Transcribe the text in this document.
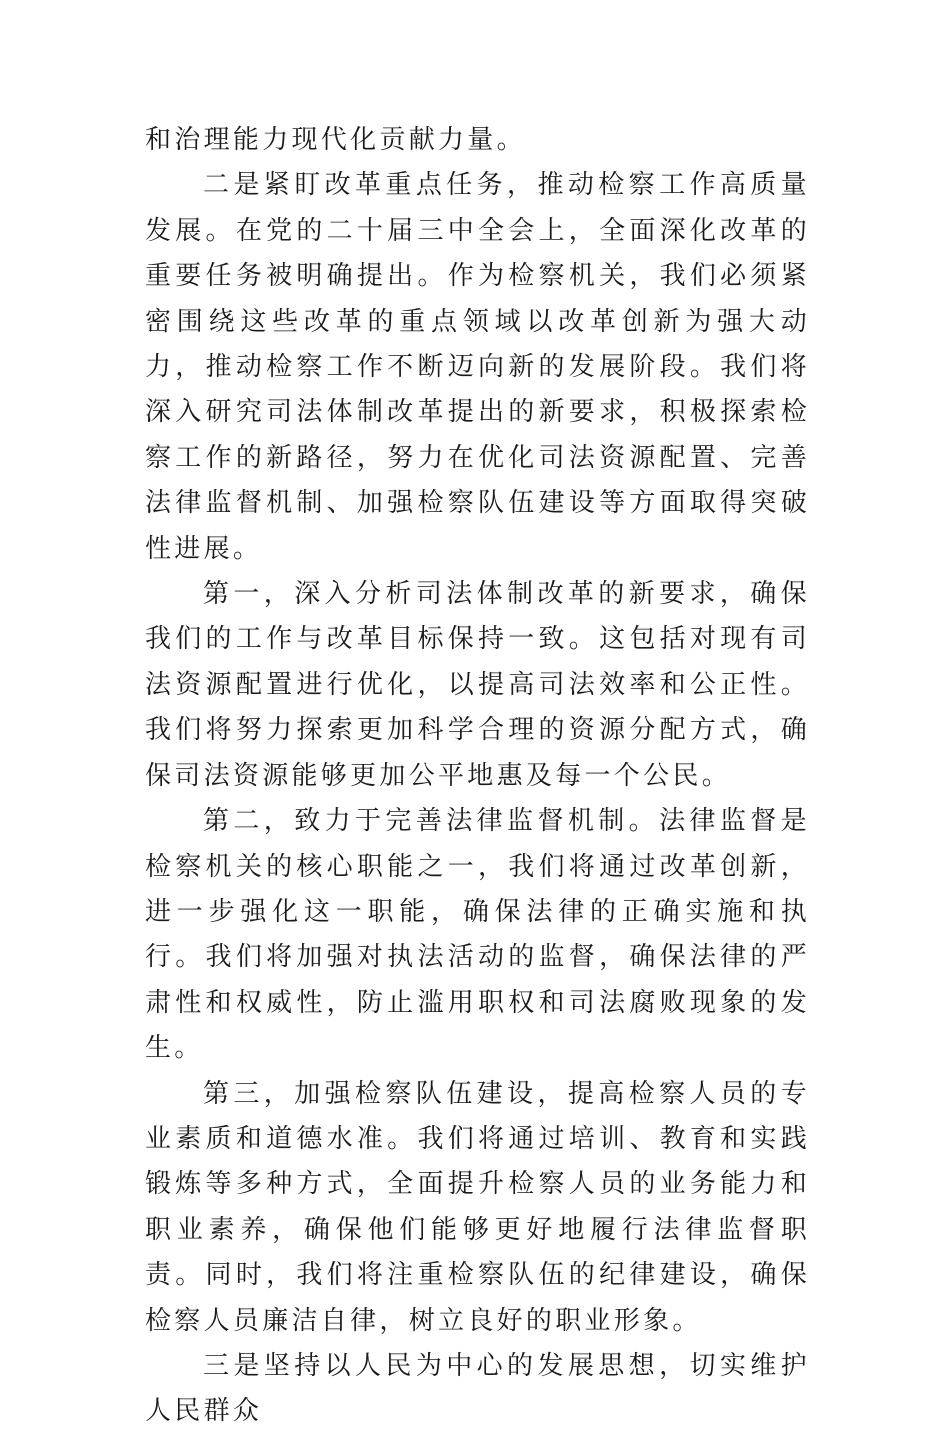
和治理能力现代化贡献力量。

二是紧盯改革重点任务，推动检察工作高质量发展。在党的二十届三中全会上，全面深化改革的重要任务被明确提出。作为检察机关，我们必须紧密围绕这些改革的重点领域以改革创新为强大动力，推动检察工作不断迈向新的发展阶段。我们将深入研究司法体制改革提出的新要求，积极探索检察工作的新路径，努力在优化司法资源配置、完善法律监督机制、加强检察队伍建设等方面取得突破性进展。

第一，深入分析司法体制改革的新要求，确保我们的工作与改革目标保持一致。这包括对现有司法资源配置进行优化，以提高司法效率和公正性。我们将努力探索更加科学合理的资源分配方式，确保司法资源能够更加公平地惠及每一个公民。

第二，致力于完善法律监督机制。法律监督是检察机关的核心职能之一，我们将通过改革创新，进一步强化这一职能，确保法律的正确实施和执行。我们将加强对执法活动的监督，确保法律的严肃性和权威性，防止滥用职权和司法腐败现象的发生。

第三，加强检察队伍建设，提高检察人员的专业素质和道德水准。我们将通过培训、教育和实践锻炼等多种方式，全面提升检察人员的业务能力和职业素养，确保他们能够更好地履行法律监督职责。同时，我们将注重检察队伍的纪律建设，确保检察人员廉洁自律，树立良好的职业形象。

三是坚持以人民为中心的发展思想，切实维护人民群众
